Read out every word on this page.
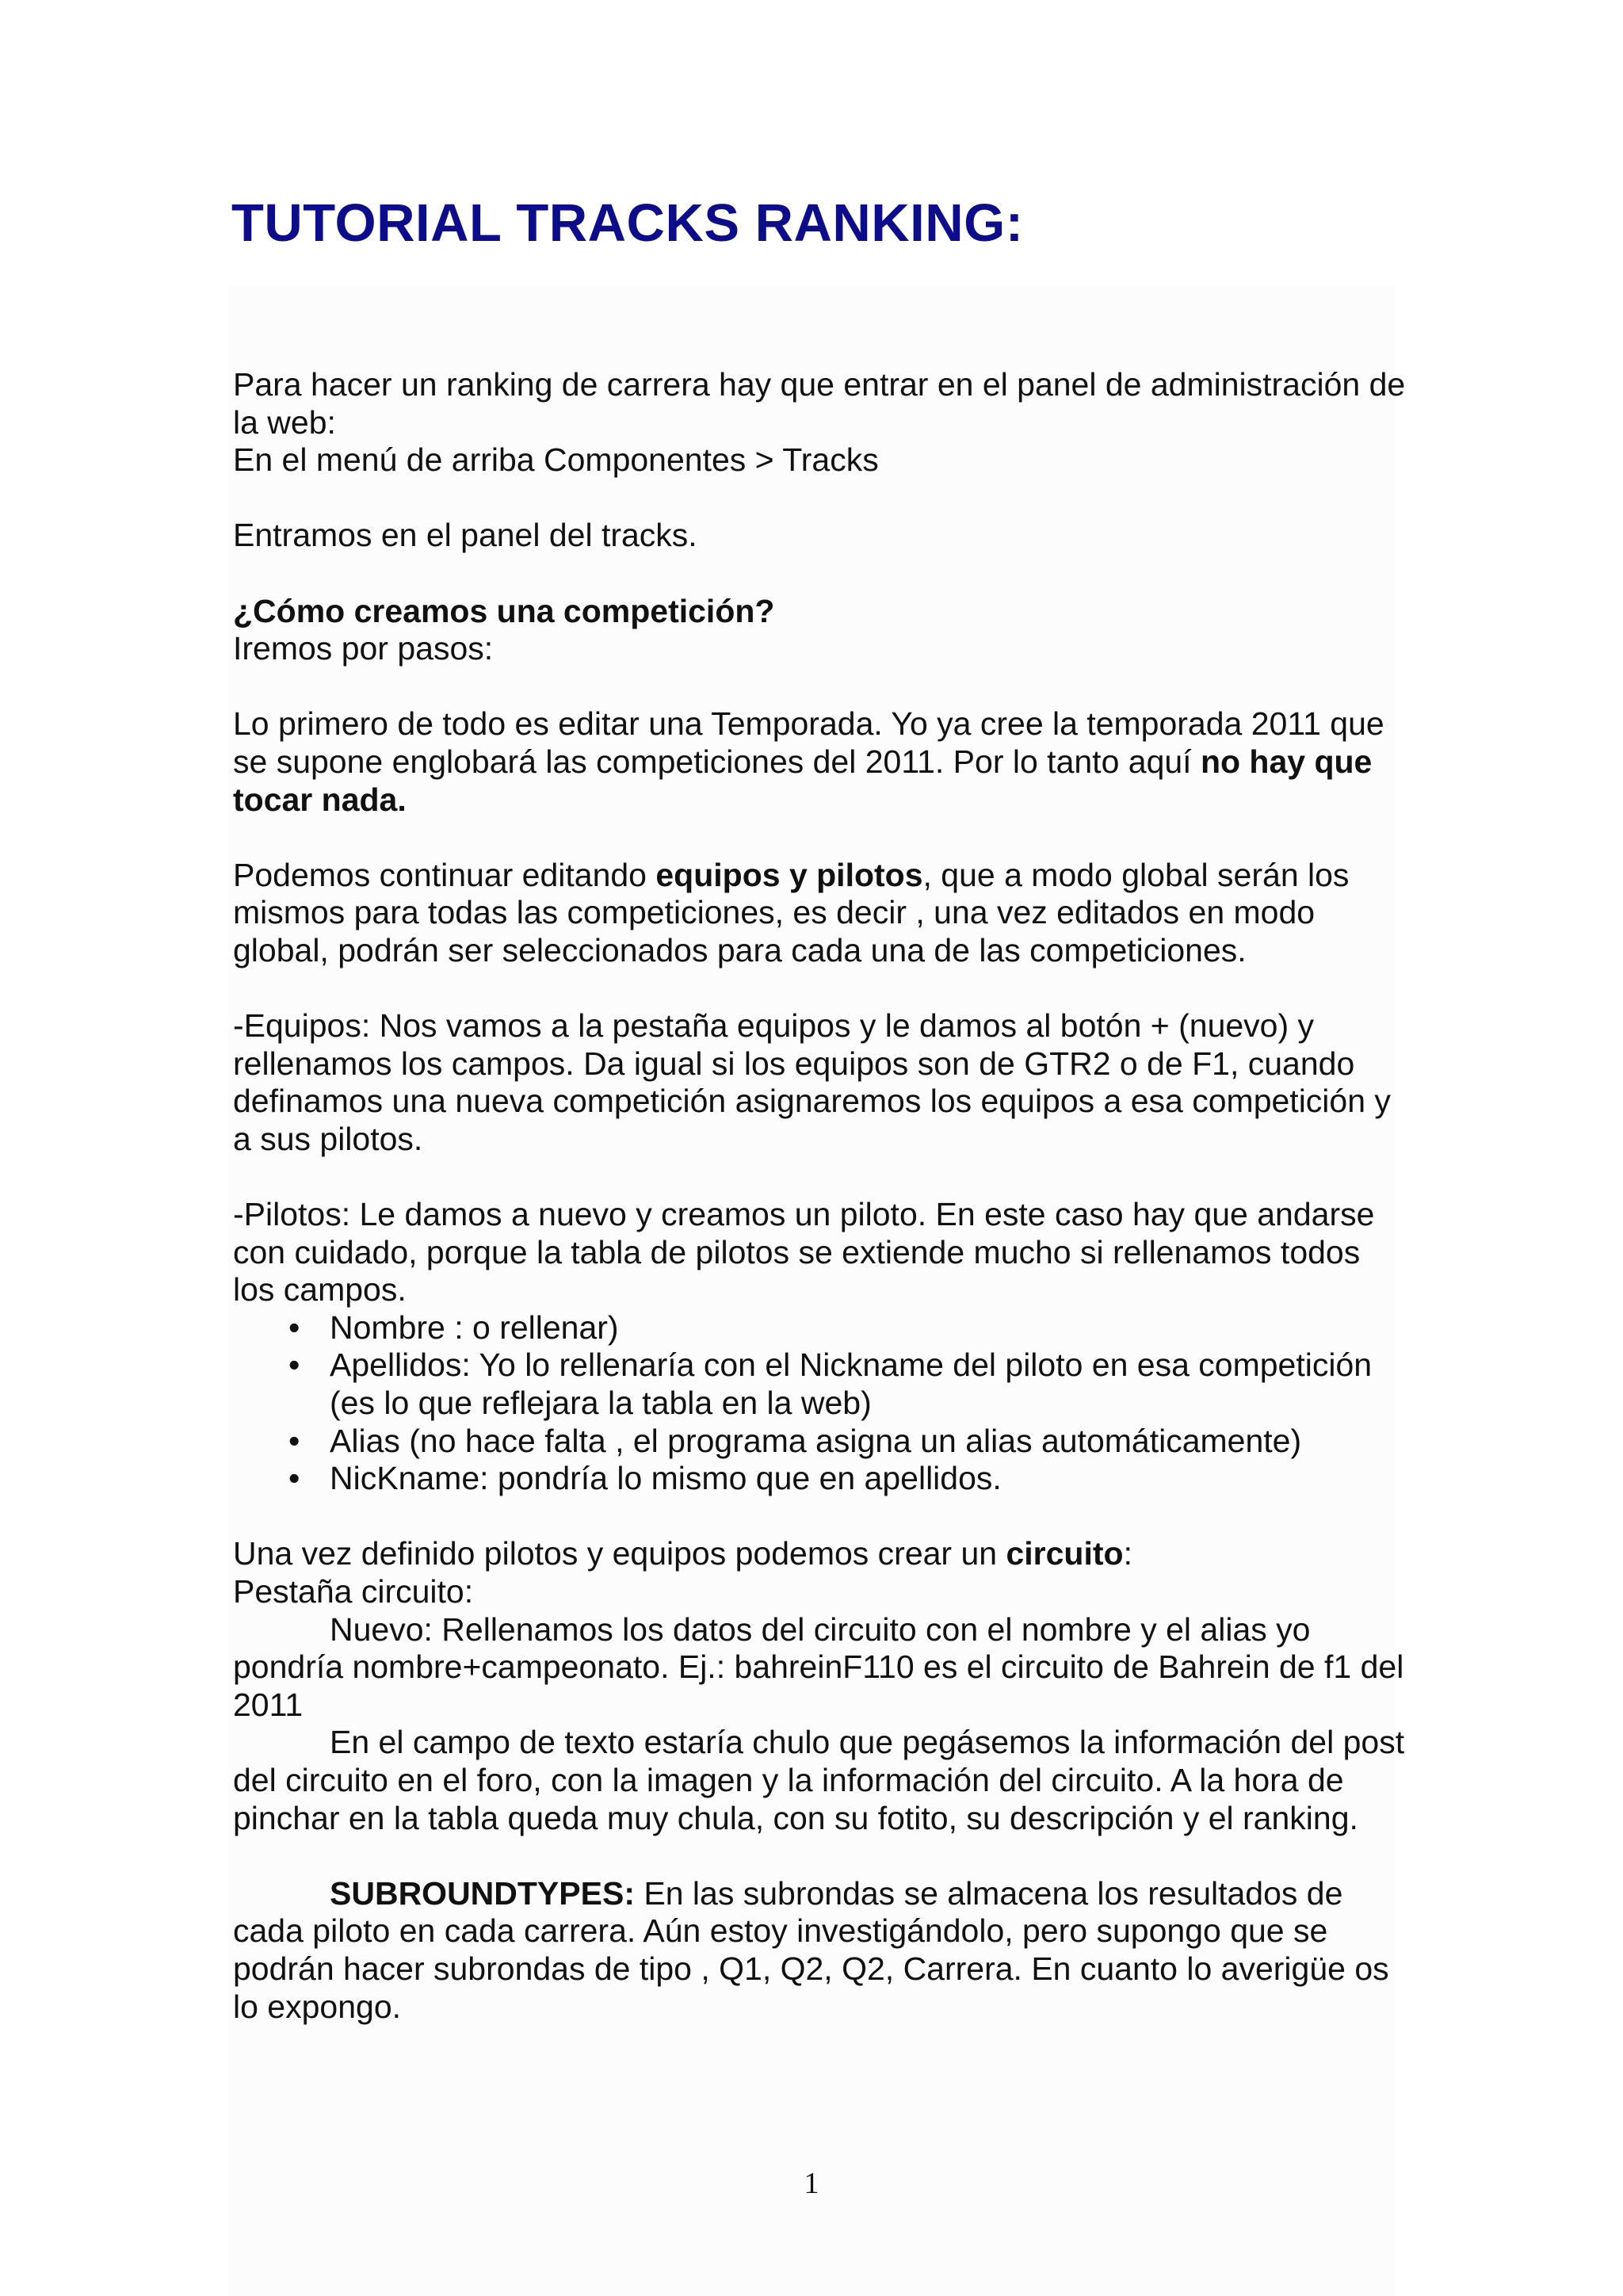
TUTORIAL TRACKS RANKING:

Para hacer un ranking de carrera hay que entrar en el panel de administración de la web:
En el menú de arriba Componentes > Tracks

Entramos en el panel del tracks.

¿Cómo creamos una competición?
Iremos por pasos:

Lo primero de todo es editar una Temporada. Yo ya cree la temporada 2011 que se supone englobará las competiciones del 2011. Por lo tanto aquí no hay que tocar nada.

Podemos continuar editando equipos y pilotos, que a modo global serán los mismos para todas las competiciones, es decir , una vez editados en modo global, podrán ser seleccionados para cada una de las competiciones.

-Equipos: Nos vamos a la pestaña equipos y le damos al botón + (nuevo) y rellenamos los campos. Da igual si los equipos son de GTR2 o de F1, cuando definamos una nueva competición asignaremos los equipos a esa competición y a sus pilotos.

-Pilotos: Le damos a nuevo y creamos un piloto. En este caso hay que andarse con cuidado, porque la tabla de pilotos se extiende mucho si rellenamos todos los campos.

• Nombre : o rellenar)
• Apellidos: Yo lo rellenaría con el Nickname del piloto en esa competición (es lo que reflejara la tabla en la web)
• Alias (no hace falta , el programa asigna un alias automáticamente)
• NicKname: pondría lo mismo que en apellidos.

Una vez definido pilotos y equipos podemos crear un circuito:
Pestaña circuito:

Nuevo: Rellenamos los datos del circuito con el nombre y el alias yo pondría nombre+campeonato. Ej.: bahreinF110 es el circuito de Bahrein de f1 del 2011

En el campo de texto estaría chulo que pegásemos la información del post del circuito en el foro, con la imagen y la información del circuito. A la hora de pinchar en la tabla queda muy chula, con su fotito, su descripción y el ranking.

SUBROUNDTYPES: En las subrondas se almacena los resultados de cada piloto en cada carrera. Aún estoy investigándolo, pero supongo que se podrán hacer subrondas de tipo , Q1, Q2, Q2, Carrera. En cuanto lo averigüe os lo expongo.

1
